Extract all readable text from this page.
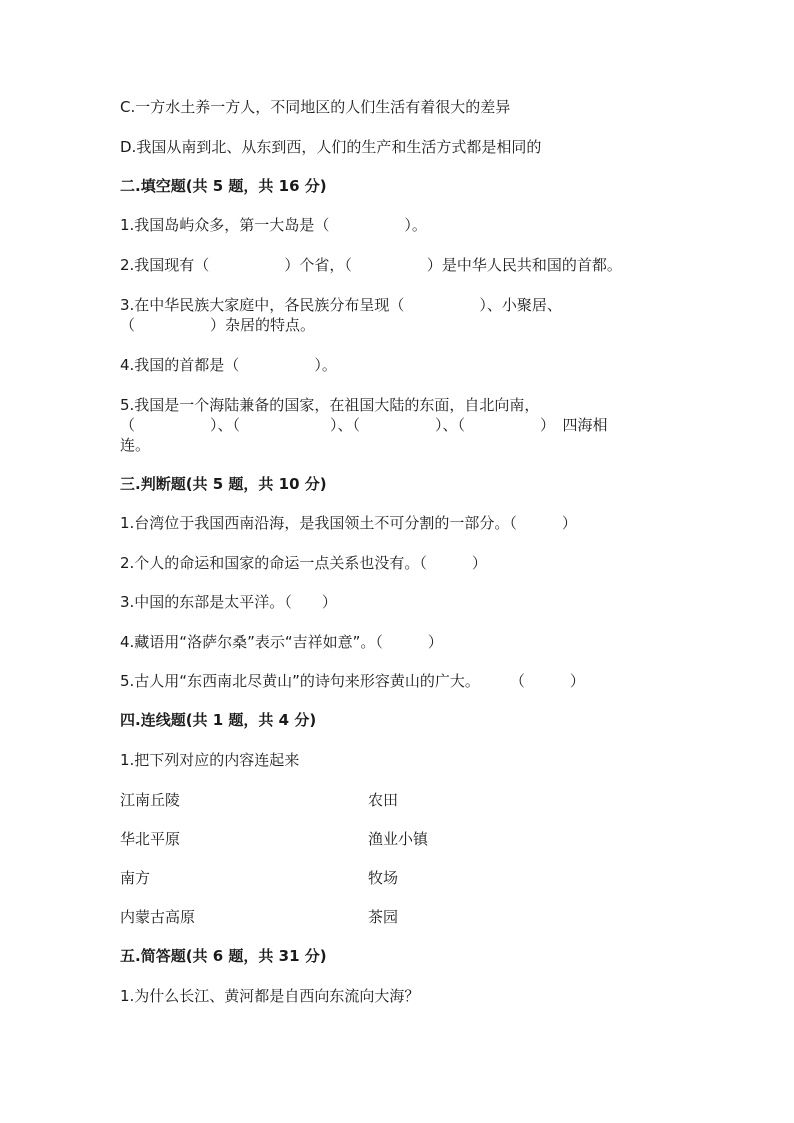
C.一方水土养一方人，不同地区的人们生活有着很大的差异
D.我国从南到北、从东到西，人们的生产和生活方式都是相同的
二.填空题(共 5 题，共 16 分)
1.我国岛屿众多，第一大岛是（　　　　　）。
2.我国现有（　　　　　）个省，（　　　　　）是中华人民共和国的首都。
3.在中华民族大家庭中，各民族分布呈现（　　　　　）、小聚居、
（　　　　　）杂居的特点。
4.我国的首都是（　　　　　）。
5.我国是一个海陆兼备的国家，在祖国大陆的东面，自北向南，
（　　　　　）、（　　　　　　）、（　　　　　）、（　　　　　）　四海相
连。
三.判断题(共 5 题，共 10 分)
1.台湾位于我国西南沿海，是我国领土不可分割的一部分。（　　　）
2.个人的命运和国家的命运一点关系也没有。（　　　）
3.中国的东部是太平洋。（　　）
4.藏语用“洛萨尔桑”表示“吉祥如意”。（　　　）
5.古人用“东西南北尽黄山”的诗句来形容黄山的广大。　　　（　　　）
四.连线题(共 1 题，共 4 分)
1.把下列对应的内容连起来
江南丘陵	农田
华北平原	渔业小镇
南方	牧场
内蒙古高原	茶园
五.简答题(共 6 题，共 31 分)
1.为什么长江、黄河都是自西向东流向大海？
